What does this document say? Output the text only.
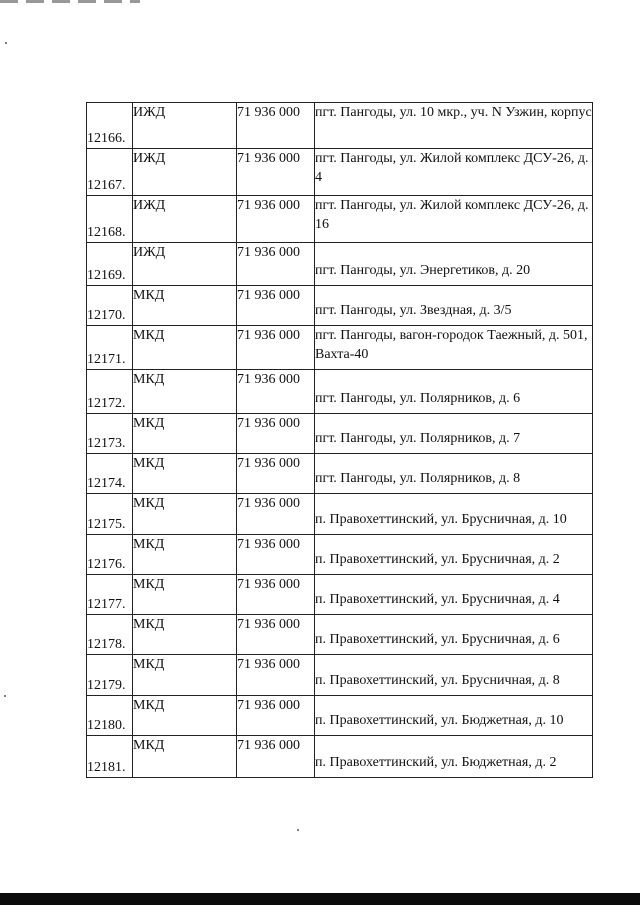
12166.	ИЖД	71 936 000	пгт. Пангоды, ул. 10 мкр., уч. N Узжин, корпус
12167.	ИЖД	71 936 000	пгт. Пангоды, ул. Жилой комплекс ДСУ-26, д. 4
12168.	ИЖД	71 936 000	пгт. Пангоды, ул. Жилой комплекс ДСУ-26, д. 16
12169.	ИЖД	71 936 000	пгт. Пангоды, ул. Энергетиков, д. 20
12170.	МКД	71 936 000	пгт. Пангоды, ул. Звездная, д. 3/5
12171.	МКД	71 936 000	пгт. Пангоды, вагон-городок Таежный, д. 501, Вахта-40
12172.	МКД	71 936 000	пгт. Пангоды, ул. Полярников, д. 6
12173.	МКД	71 936 000	пгт. Пангоды, ул. Полярников, д. 7
12174.	МКД	71 936 000	пгт. Пангоды, ул. Полярников, д. 8
12175.	МКД	71 936 000	п. Правохеттинский, ул. Брусничная, д. 10
12176.	МКД	71 936 000	п. Правохеттинский, ул. Брусничная, д. 2
12177.	МКД	71 936 000	п. Правохеттинский, ул. Брусничная, д. 4
12178.	МКД	71 936 000	п. Правохеттинский, ул. Брусничная, д. 6
12179.	МКД	71 936 000	п. Правохеттинский, ул. Брусничная, д. 8
12180.	МКД	71 936 000	п. Правохеттинский, ул. Бюджетная, д. 10
12181.	МКД	71 936 000	п. Правохеттинский, ул. Бюджетная, д. 2
